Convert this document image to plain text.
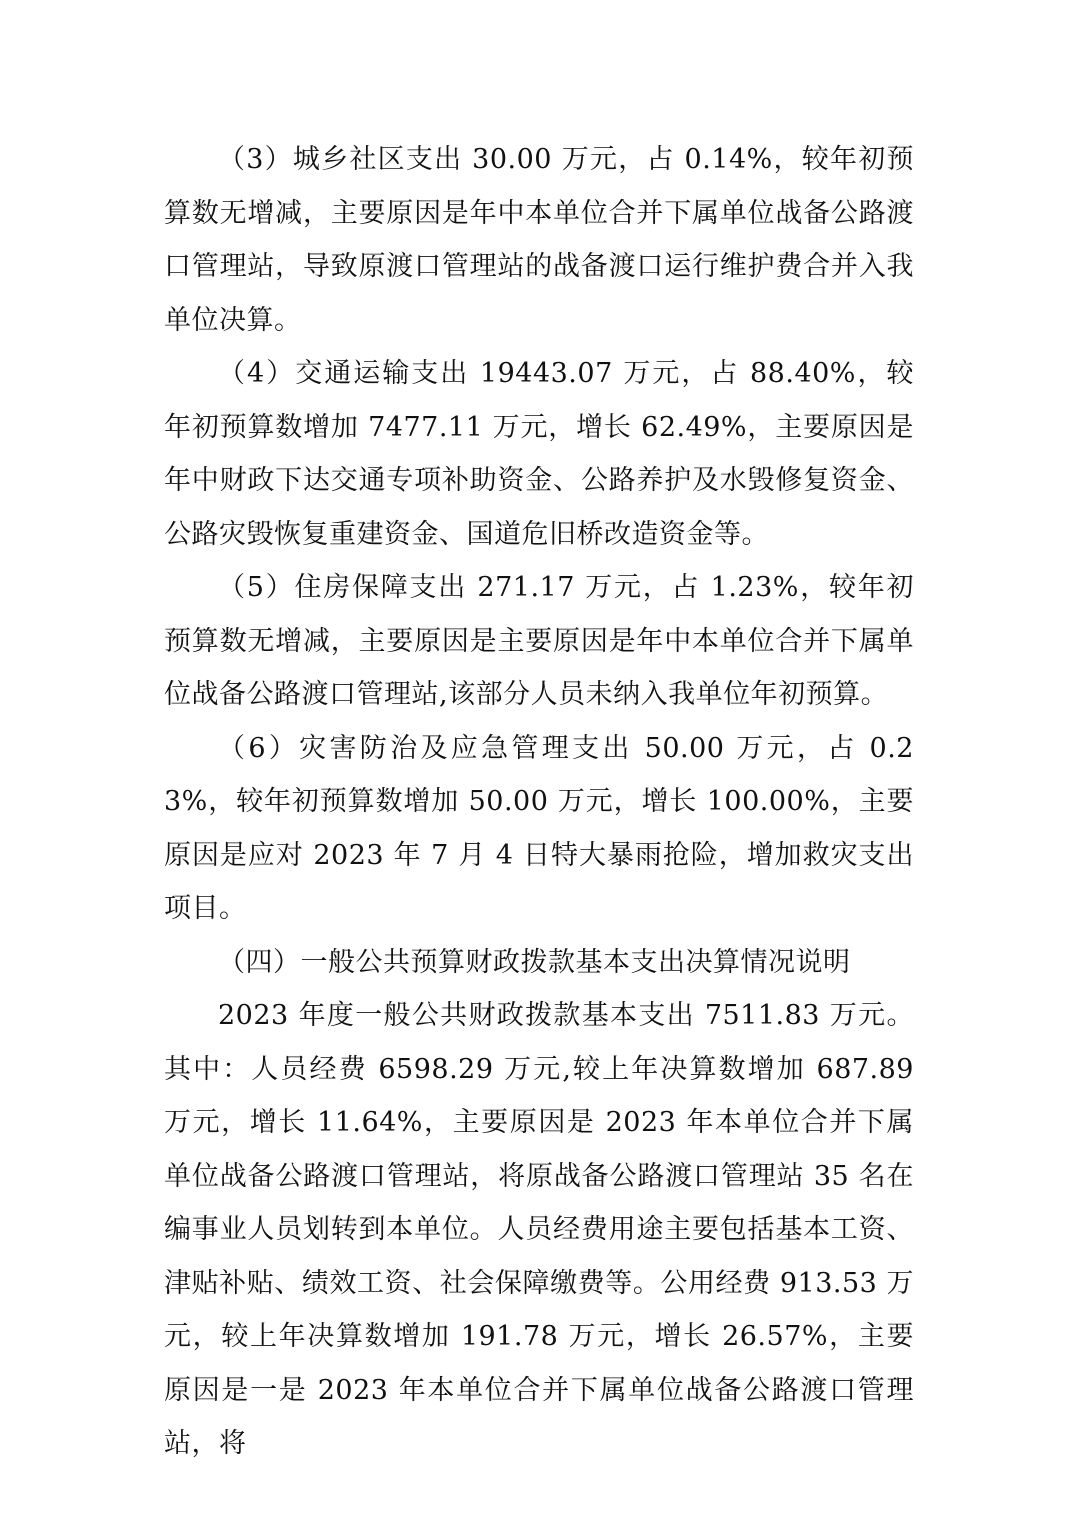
（3）城乡社区支出 30.00 万元，占 0.14%，较年初预算数无增减，主要原因是年中本单位合并下属单位战备公路渡口管理站，导致原渡口管理站的战备渡口运行维护费合并入我单位决算。

（4）交通运输支出 19443.07 万元，占 88.40%，较年初预算数增加 7477.11 万元，增长 62.49%，主要原因是年中财政下达交通专项补助资金、公路养护及水毁修复资金、公路灾毁恢复重建资金、国道危旧桥改造资金等。

（5）住房保障支出 271.17 万元，占 1.23%，较年初预算数无增减，主要原因是主要原因是年中本单位合并下属单位战备公路渡口管理站,该部分人员未纳入我单位年初预算。

（6）灾害防治及应急管理支出 50.00 万元，占 0.23%，较年初预算数增加 50.00 万元，增长 100.00%，主要原因是应对 2023 年 7 月 4 日特大暴雨抢险，增加救灾支出项目。

（四）一般公共预算财政拨款基本支出决算情况说明

2023 年度一般公共财政拨款基本支出 7511.83 万元。其中：人员经费 6598.29 万元,较上年决算数增加 687.89 万元，增长 11.64%，主要原因是 2023 年本单位合并下属单位战备公路渡口管理站，将原战备公路渡口管理站 35 名在编事业人员划转到本单位。人员经费用途主要包括基本工资、津贴补贴、绩效工资、社会保障缴费等。公用经费 913.53 万元，较上年决算数增加 191.78 万元，增长 26.57%，主要原因是一是 2023 年本单位合并下属单位战备公路渡口管理站，将
